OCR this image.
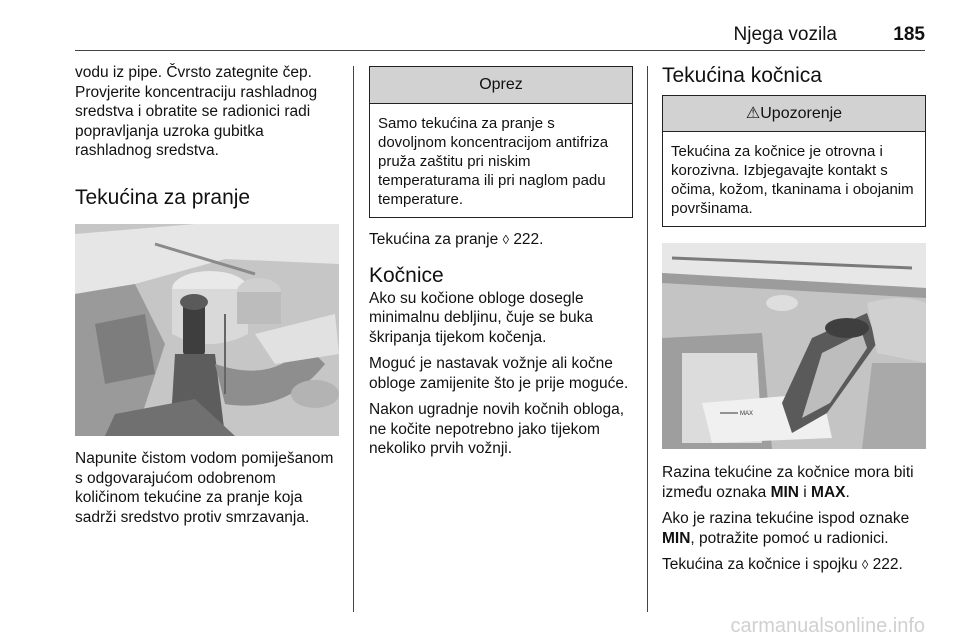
Njega vozila	185

vodu iz pipe. Čvrsto zategnite čep. Provjerite koncentraciju rashladnog sredstva i obratite se radionici radi popravljanja uzroka gubitka rashladnog sredstva.

Tekućina za pranje

Napunite čistom vodom pomiješanom s odgovarajućom odobrenom količinom tekućine za pranje koja sadrži sredstvo protiv smrzavanja.

Oprez
Samo tekućina za pranje s dovoljnom koncentracijom antifriza pruža zaštitu pri niskim temperaturama ili pri naglom padu temperature.

Tekućina za pranje ◊ 222.

Kočnice

Ako su kočione obloge dosegle minimalnu debljinu, čuje se buka škripanja tijekom kočenja.

Moguć je nastavak vožnje ali kočne obloge zamijenite što je prije moguće.

Nakon ugradnje novih kočnih obloga, ne kočite nepotrebno jako tijekom nekoliko prvih vožnji.

Tekućina kočnica
⚠Upozorenje
Tekućina za kočnice je otrovna i korozivna. Izbjegavajte kontakt s očima, kožom, tkaninama i obojanim površinama.
MAX

Razina tekućine za kočnice mora biti između oznaka MIN i MAX.

Ako je razina tekućine ispod oznake MIN, potražite pomoć u radionici.

Tekućina za kočnice i spojku ◊ 222.

carmanualsonline.info
